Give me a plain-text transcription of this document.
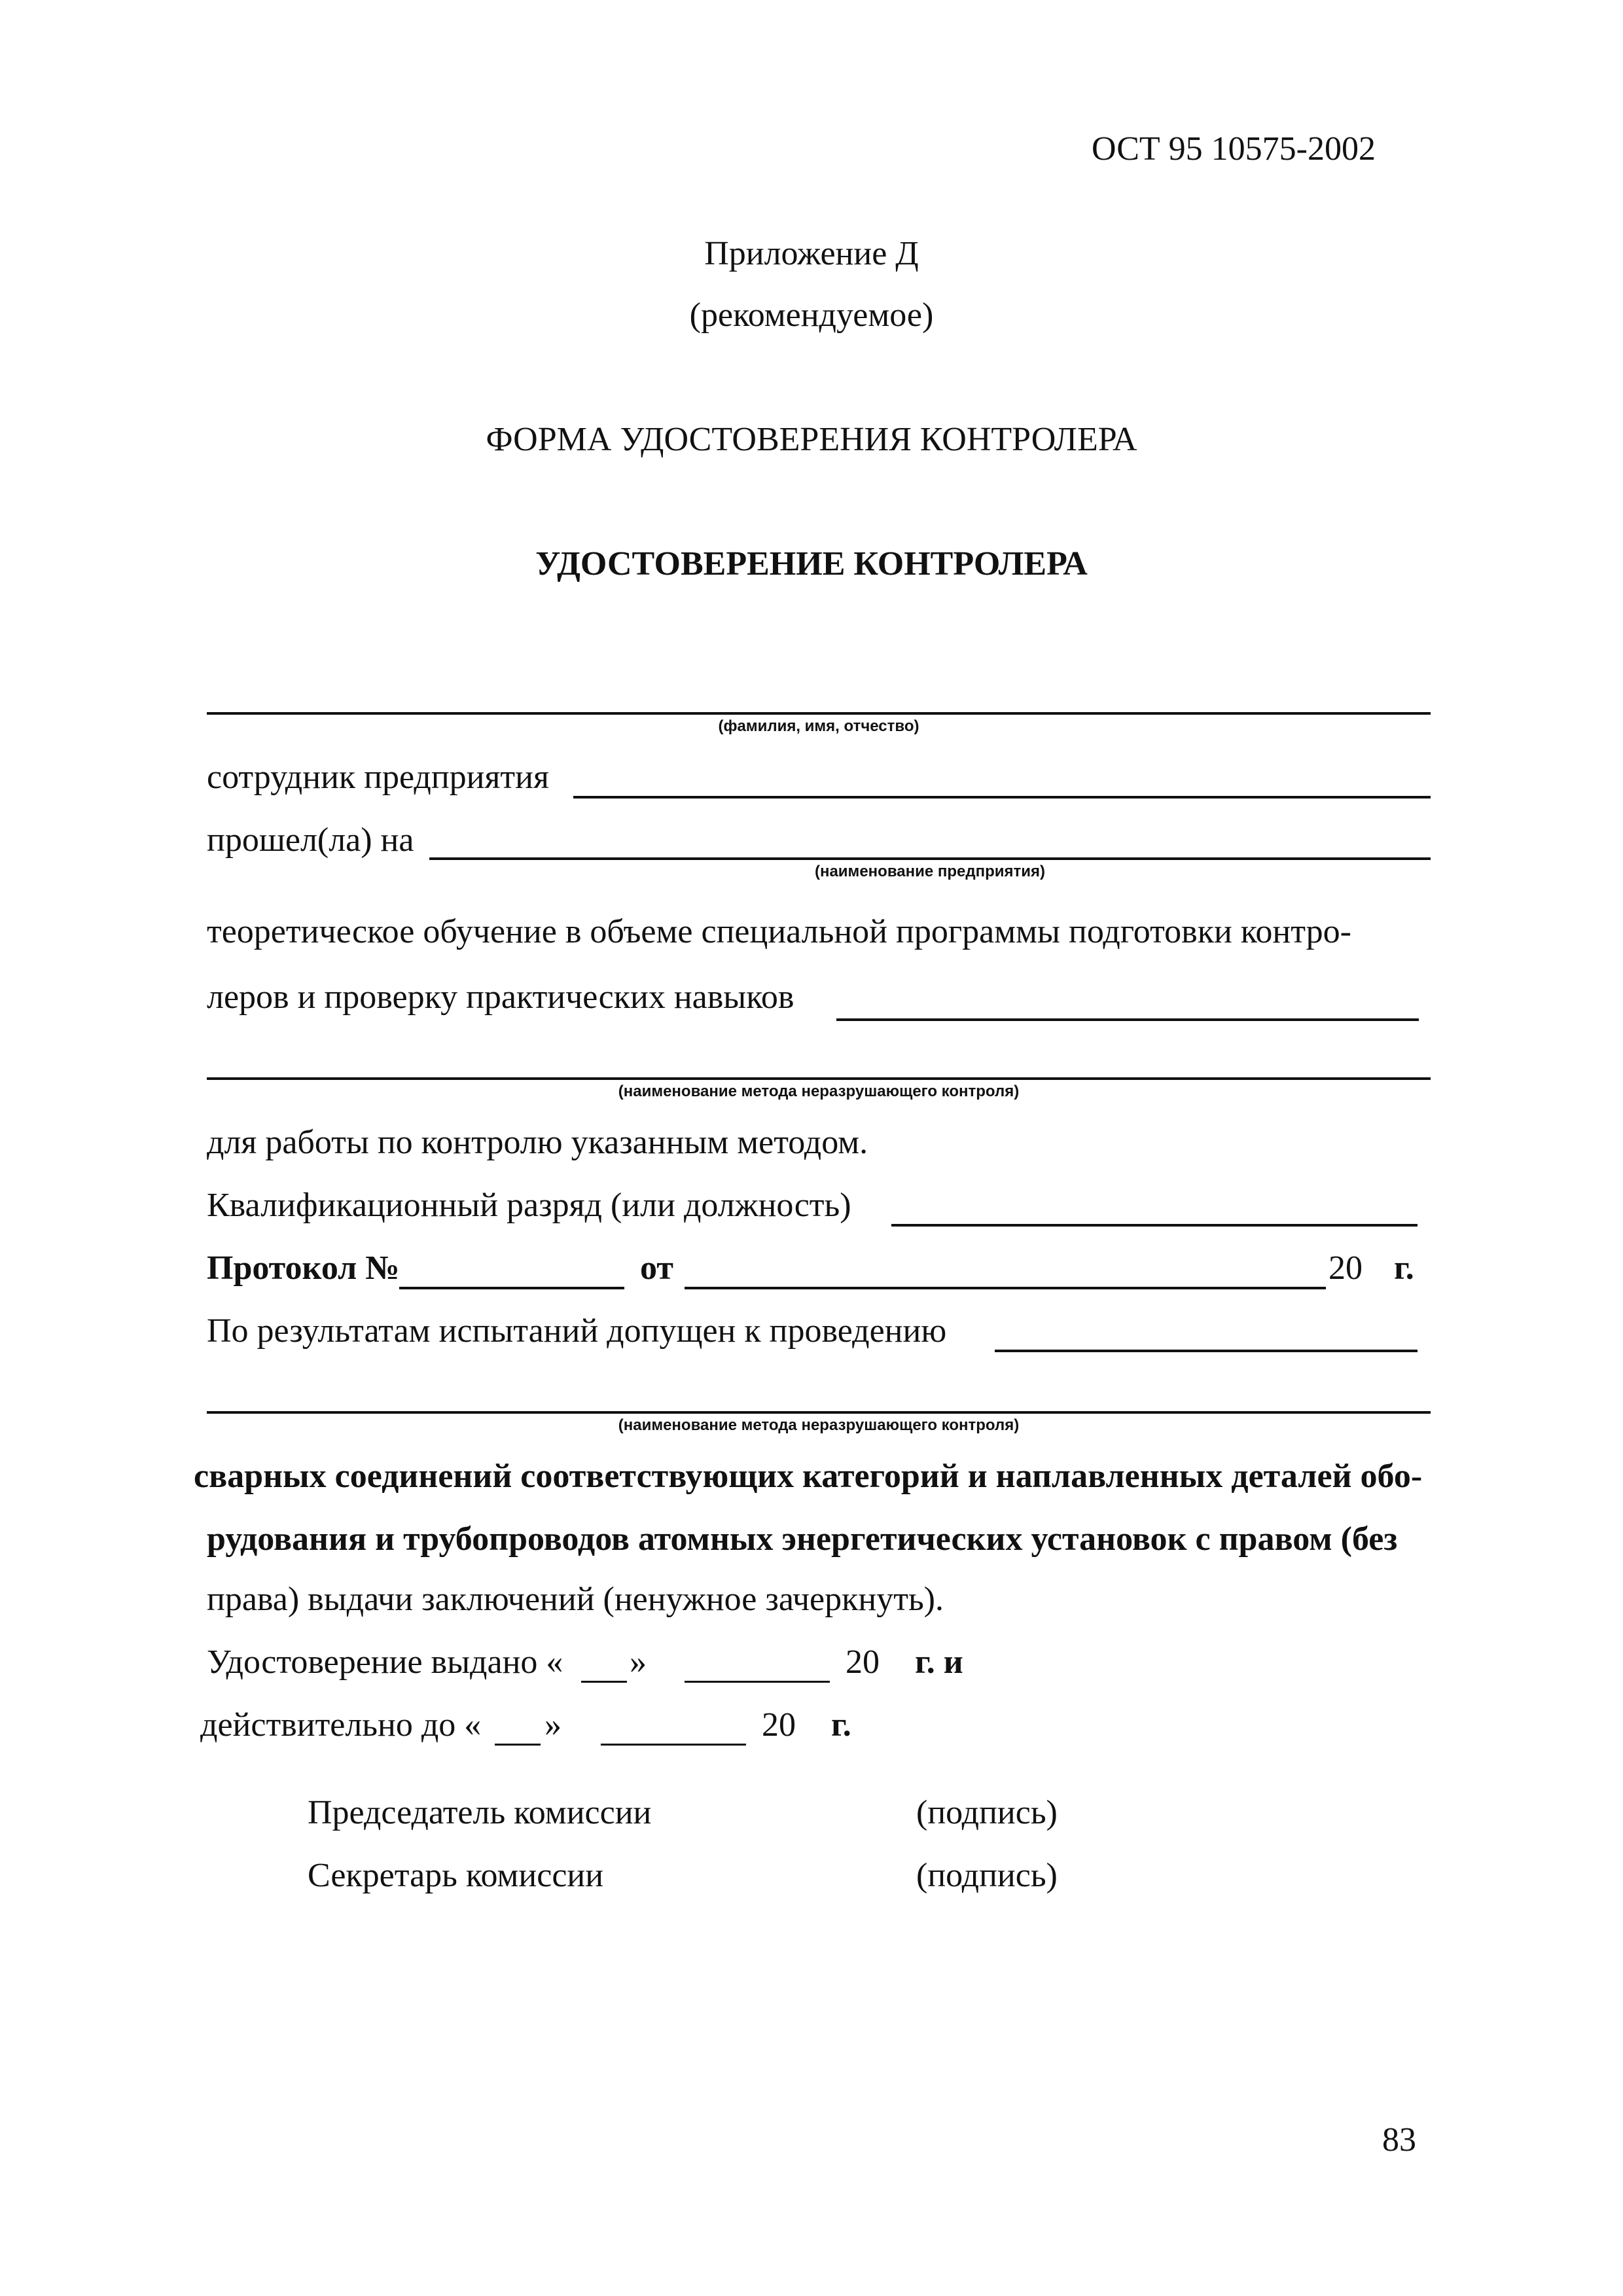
ОСТ 95 10575-2002
Приложение Д
(рекомендуемое)
ФОРМА УДОСТОВЕРЕНИЯ КОНТРОЛЕРА
УДОСТОВЕРЕНИЕ КОНТРОЛЕРА
(фамилия, имя, отчество)
сотрудник предприятия
прошел(ла) на
(наименование предприятия)
теоретическое обучение в объеме специальной программы подготовки контро-
леров и проверку практических навыков
(наименование метода неразрушающего контроля)
для работы по контролю указанным методом.
Квалификационный разряд (или должность)
Протокол №	от	20 г.
По результатам испытаний допущен к проведению
(наименование метода неразрушающего контроля)
сварных соединений соответствующих категорий и наплавленных деталей обо-
рудования и трубопроводов атомных энергетических установок с правом (без
права) выдачи заключений (ненужное зачеркнуть).
Удостоверение выдано « »	20 г. и
действительно до « »	20 г.
Председатель комиссии	(подпись)
Секретарь комиссии	(подпись)
83
